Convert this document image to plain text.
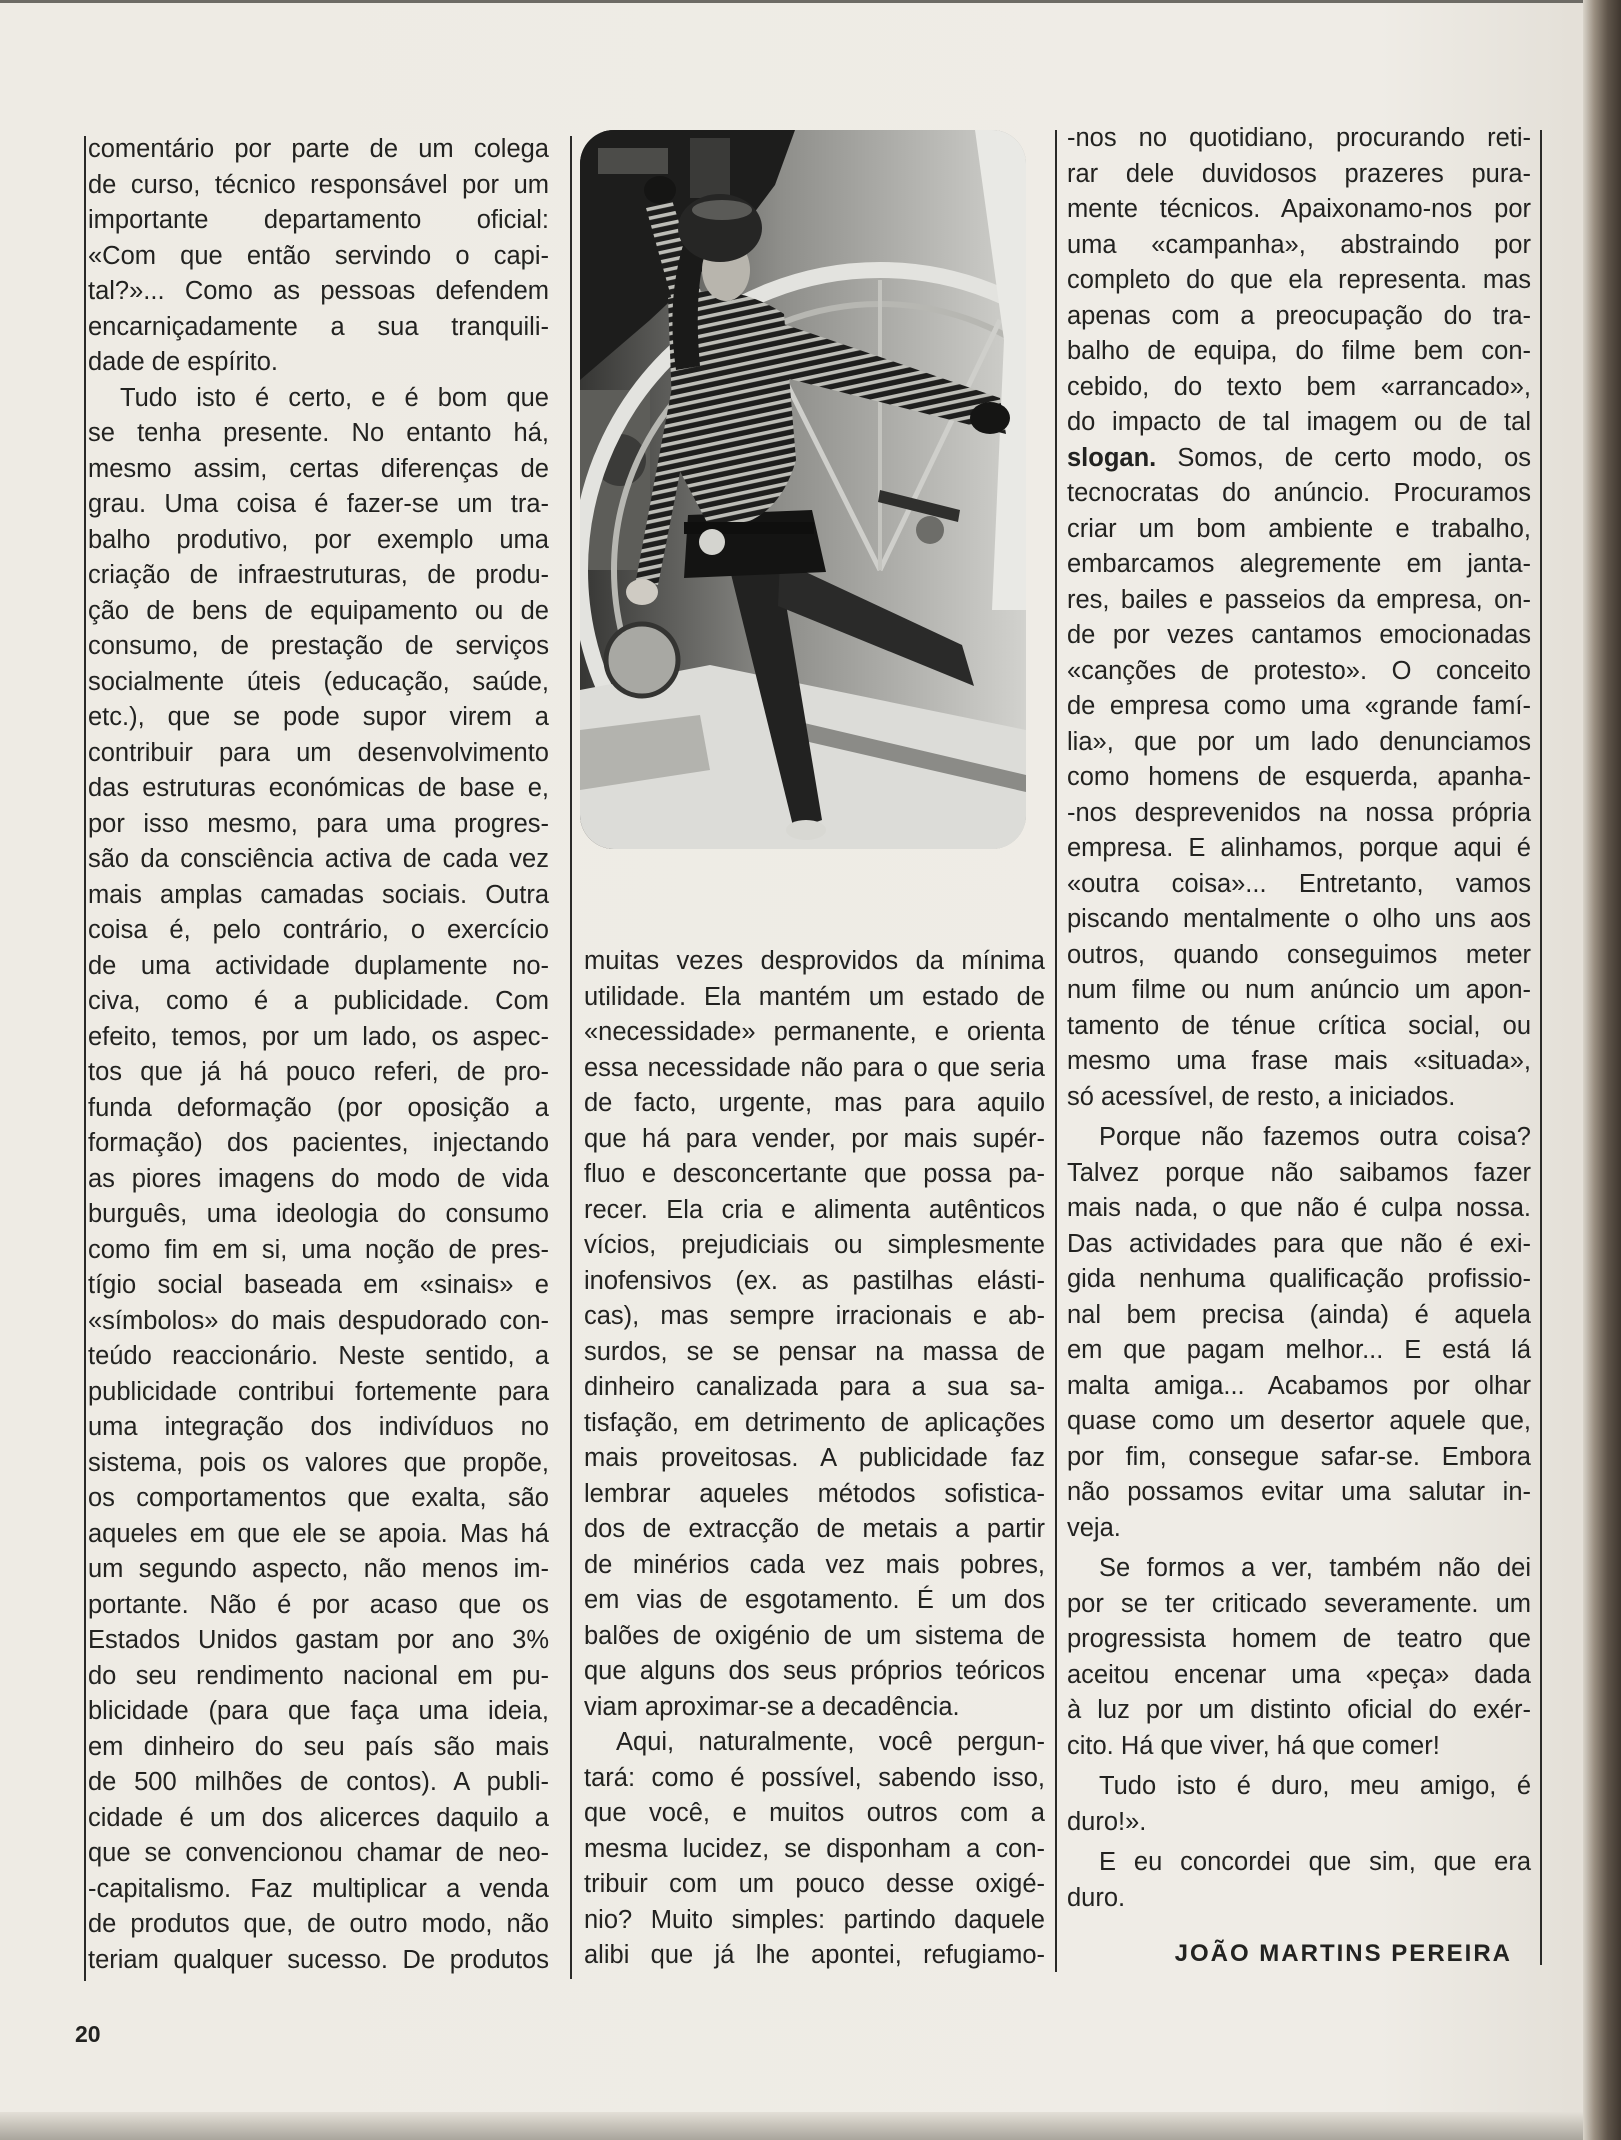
comentário por parte de um colega
de curso, técnico responsável por um
importante departamento oficial:
«Com que então servindo o capi-
tal?»... Como as pessoas defendem
encarniçadamente a sua tranquili-
dade de espírito.
Tudo isto é certo, e é bom que
se tenha presente. No entanto há,
mesmo assim, certas diferenças de
grau. Uma coisa é fazer-se um tra-
balho produtivo, por exemplo uma
criação de infraestruturas, de produ-
ção de bens de equipamento ou de
consumo, de prestação de serviços
socialmente úteis (educação, saúde,
etc.), que se pode supor virem a
contribuir para um desenvolvimento
das estruturas económicas de base e,
por isso mesmo, para uma progres-
são da consciência activa de cada vez
mais amplas camadas sociais. Outra
coisa é, pelo contrário, o exercício
de uma actividade duplamente no-
civa, como é a publicidade. Com
efeito, temos, por um lado, os aspec-
tos que já há pouco referi, de pro-
funda deformação (por oposição a
formação) dos pacientes, injectando
as piores imagens do modo de vida
burguês, uma ideologia do consumo
como fim em si, uma noção de pres-
tígio social baseada em «sinais» e
«símbolos» do mais despudorado con-
teúdo reaccionário. Neste sentido, a
publicidade contribui fortemente para
uma integração dos indivíduos no
sistema, pois os valores que propõe,
os comportamentos que exalta, são
aqueles em que ele se apoia. Mas há
um segundo aspecto, não menos im-
portante. Não é por acaso que os
Estados Unidos gastam por ano 3%
do seu rendimento nacional em pu-
blicidade (para que faça uma ideia,
em dinheiro do seu país são mais
de 500 milhões de contos). A publi-
cidade é um dos alicerces daquilo a
que se convencionou chamar de neo-
-capitalismo. Faz multiplicar a venda
de produtos que, de outro modo, não
teriam qualquer sucesso. De produtos
muitas vezes desprovidos da mínima
utilidade. Ela mantém um estado de
«necessidade» permanente, e orienta
essa necessidade não para o que seria
de facto, urgente, mas para aquilo
que há para vender, por mais supér-
fluo e desconcertante que possa pa-
recer. Ela cria e alimenta autênticos
vícios, prejudiciais ou simplesmente
inofensivos (ex. as pastilhas elásti-
cas), mas sempre irracionais e ab-
surdos, se se pensar na massa de
dinheiro canalizada para a sua sa-
tisfação, em detrimento de aplicações
mais proveitosas. A publicidade faz
lembrar aqueles métodos sofistica-
dos de extracção de metais a partir
de minérios cada vez mais pobres,
em vias de esgotamento. É um dos
balões de oxigénio de um sistema de
que alguns dos seus próprios teóricos
viam aproximar-se a decadência.
Aqui, naturalmente, você pergun-
tará: como é possível, sabendo isso,
que você, e muitos outros com a
mesma lucidez, se disponham a con-
tribuir com um pouco desse oxigé-
nio? Muito simples: partindo daquele
alibi que já lhe apontei, refugiamo-
-nos no quotidiano, procurando reti-
rar dele duvidosos prazeres pura-
mente técnicos. Apaixonamo-nos por
uma «campanha», abstraindo por
completo do que ela representa. mas
apenas com a preocupação do tra-
balho de equipa, do filme bem con-
cebido, do texto bem «arrancado»,
do impacto de tal imagem ou de tal
slogan. Somos, de certo modo, os
tecnocratas do anúncio. Procuramos
criar um bom ambiente e trabalho,
embarcamos alegremente em janta-
res, bailes e passeios da empresa, on-
de por vezes cantamos emocionadas
«canções de protesto». O conceito
de empresa como uma «grande famí-
lia», que por um lado denunciamos
como homens de esquerda, apanha-
-nos desprevenidos na nossa própria
empresa. E alinhamos, porque aqui é
«outra coisa»... Entretanto, vamos
piscando mentalmente o olho uns aos
outros, quando conseguimos meter
num filme ou num anúncio um apon-
tamento de ténue crítica social, ou
mesmo uma frase mais «situada»,
só acessível, de resto, a iniciados.
Porque não fazemos outra coisa?
Talvez porque não saibamos fazer
mais nada, o que não é culpa nossa.
Das actividades para que não é exi-
gida nenhuma qualificação profissio-
nal bem precisa (ainda) é aquela
em que pagam melhor... E está lá
malta amiga... Acabamos por olhar
quase como um desertor aquele que,
por fim, consegue safar-se. Embora
não possamos evitar uma salutar in-
veja.
Se formos a ver, também não dei
por se ter criticado severamente. um
progressista homem de teatro que
aceitou encenar uma «peça» dada
à luz por um distinto oficial do exér-
cito. Há que viver, há que comer!
Tudo isto é duro, meu amigo, é
duro!».
E eu concordei que sim, que era
duro.
JOÃO MARTINS PEREIRA
20
